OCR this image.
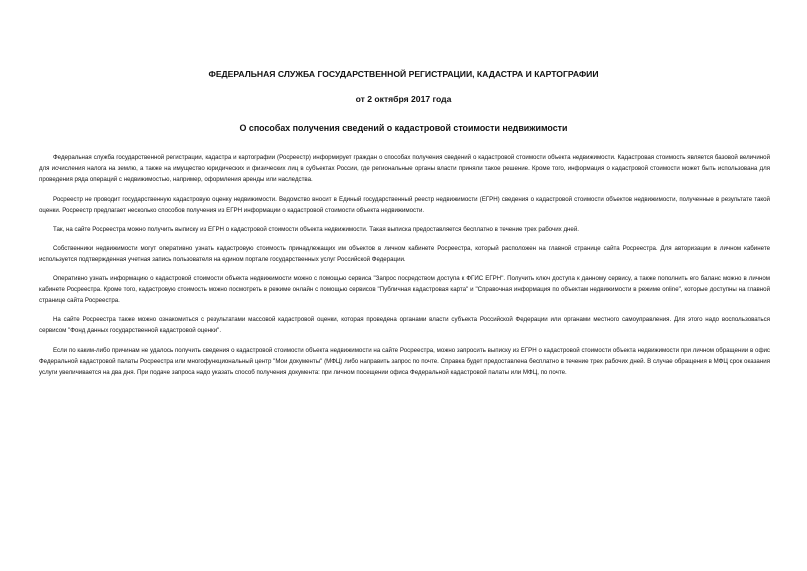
ФЕДЕРАЛЬНАЯ СЛУЖБА ГОСУДАРСТВЕННОЙ РЕГИСТРАЦИИ, КАДАСТРА И КАРТОГРАФИИ
от 2 октября 2017 года
О способах получения сведений о кадастровой стоимости недвижимости

Федеральная служба государственной регистрации, кадастра и картографии (Росреестр) информирует граждан о способах получения сведений о кадастровой стоимости объекта недвижимости. Кадастровая стоимость является базовой величиной для исчисления налога на землю, а также на имущество юридических и физических лиц в субъектах России, где региональные органы власти приняли такое решение. Кроме того, информация о кадастровой стоимости может быть использована для проведения ряда операций с недвижимостью, например, оформления аренды или наследства.

Росреестр не проводит государственную кадастровую оценку недвижимости. Ведомство вносит в Единый государственный реестр недвижимости (ЕГРН) сведения о кадастровой стоимости объектов недвижимости, полученные в результате такой оценки. Росреестр предлагает несколько способов получения из ЕГРН информации о кадастровой стоимости объекта недвижимости.

Так, на сайте Росреестра можно получить выписку из ЕГРН о кадастровой стоимости объекта недвижимости. Такая выписка предоставляется бесплатно в течение трех рабочих дней.

Собственники недвижимости могут оперативно узнать кадастровую стоимость принадлежащих им объектов в личном кабинете Росреестра, который расположен на главной странице сайта Росреестра. Для авторизации в личном кабинете используется подтвержденная учетная запись пользователя на едином портале государственных услуг Российской Федерации.

Оперативно узнать информацию о кадастровой стоимости объекта недвижимости можно с помощью сервиса "Запрос посредством доступа к ФГИС ЕГРН". Получить ключ доступа к данному сервису, а также пополнить его баланс можно в личном кабинете Росреестра. Кроме того, кадастровую стоимость можно посмотреть в режиме онлайн с помощью сервисов "Публичная кадастровая карта" и "Справочная информация по объектам недвижимости в режиме online", которые доступны на главной странице сайта Росреестра.

На сайте Росреестра также можно ознакомиться с результатами массовой кадастровой оценки, которая проведена органами власти субъекта Российской Федерации или органами местного самоуправления. Для этого надо воспользоваться сервисом "Фонд данных государственной кадастровой оценки".

Если по каким-либо причинам не удалось получить сведения о кадастровой стоимости объекта недвижимости на сайте Росреестра, можно запросить выписку из ЕГРН о кадастровой стоимости объекта недвижимости при личном обращении в офис Федеральной кадастровой палаты Росреестра или многофункциональный центр "Мои документы" (МФЦ) либо направить запрос по почте. Справка будет предоставлена бесплатно в течение трех рабочих дней. В случае обращения в МФЦ срок оказания услуги увеличивается на два дня. При подаче запроса надо указать способ получения документа: при личном посещении офиса Федеральной кадастровой палаты или МФЦ, по почте.
